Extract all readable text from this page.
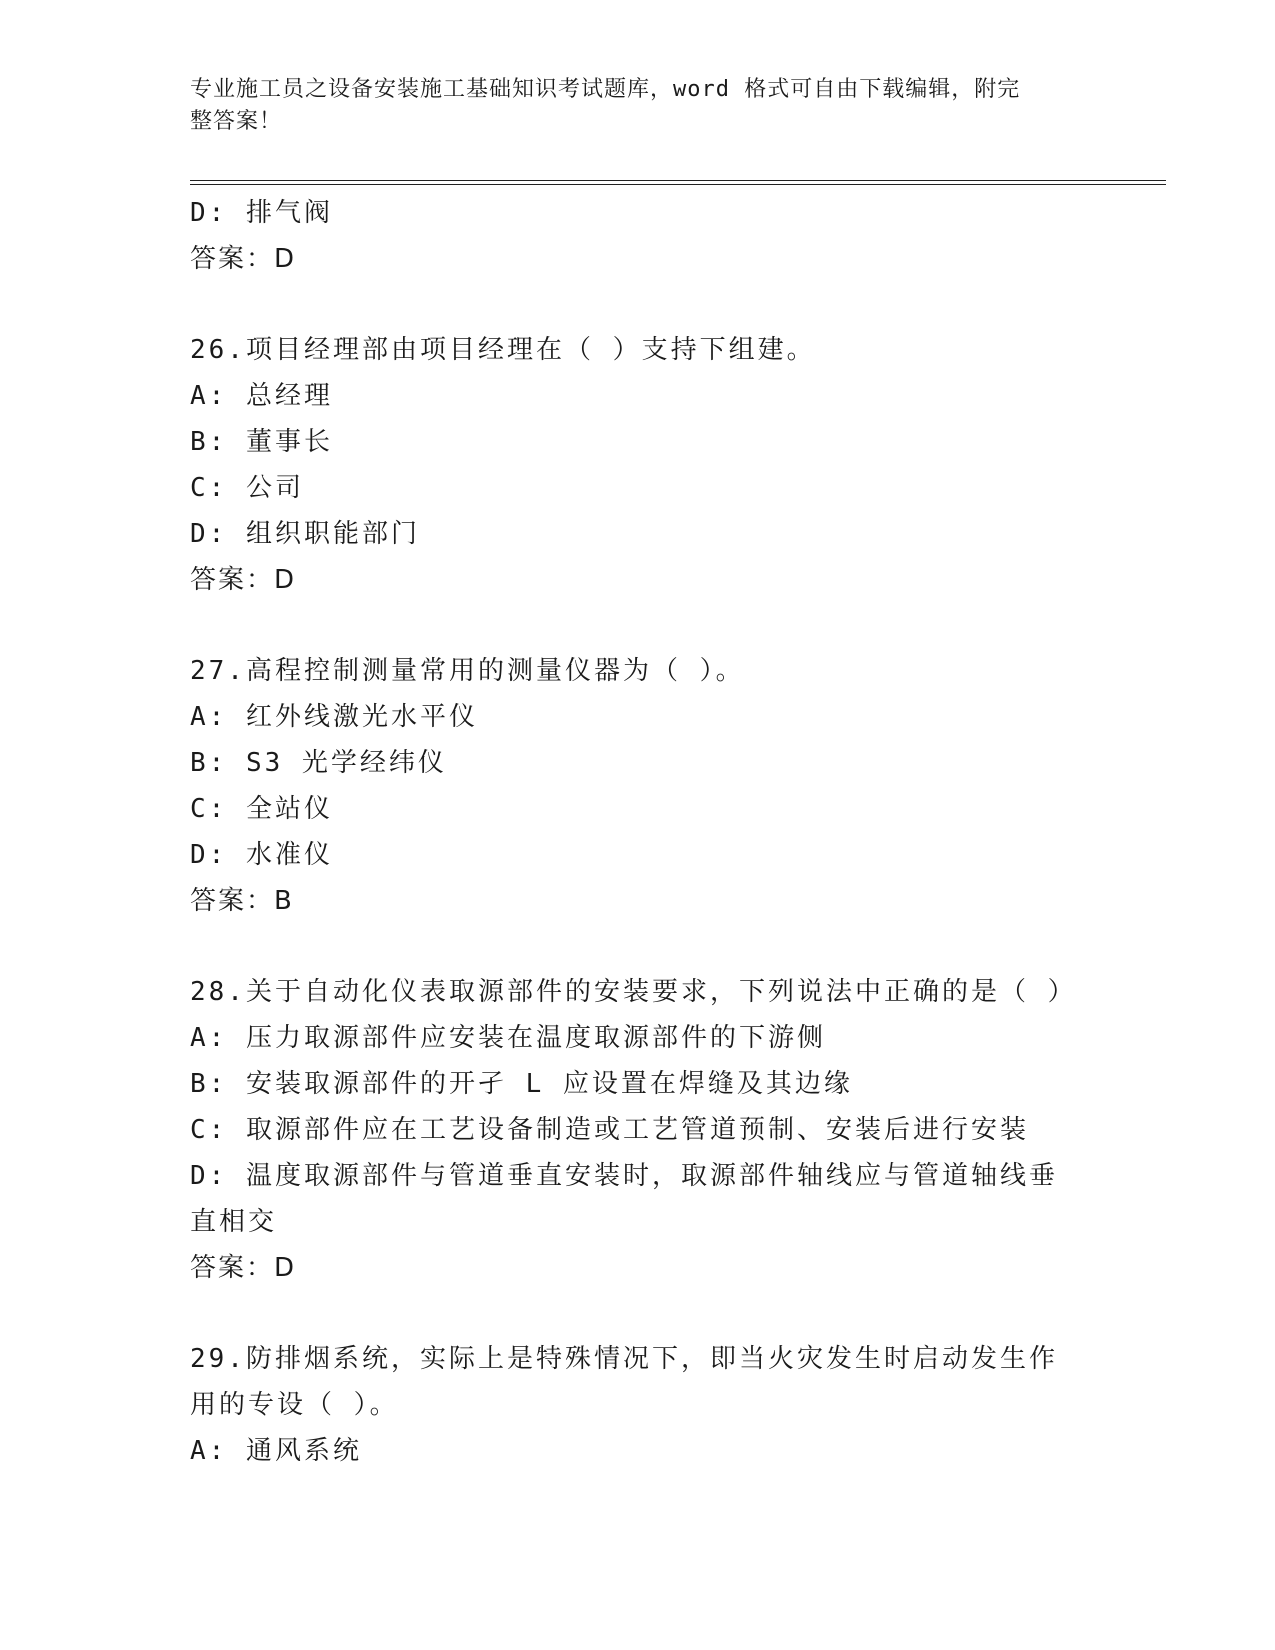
专业施工员之设备安装施工基础知识考试题库，word 格式可自由下载编辑，附完
整答案！
D: 排气阀
答案：D
26.项目经理部由项目经理在（ ）支持下组建。
A: 总经理
B: 董事长
C: 公司
D: 组织职能部门
答案：D
27.高程控制测量常用的测量仪器为（ ）。
A: 红外线激光水平仪
B: S3 光学经纬仪
C: 全站仪
D: 水准仪
答案：B
28.关于自动化仪表取源部件的安装要求，下列说法中正确的是（ ）
A: 压力取源部件应安装在温度取源部件的下游侧
B: 安装取源部件的开孑 L 应设置在焊缝及其边缘
C: 取源部件应在工艺设备制造或工艺管道预制、安装后进行安装
D: 温度取源部件与管道垂直安装时，取源部件轴线应与管道轴线垂直相交
答案：D
29.防排烟系统，实际上是特殊情况下，即当火灾发生时启动发生作用的专设（ ）。
A: 通风系统
